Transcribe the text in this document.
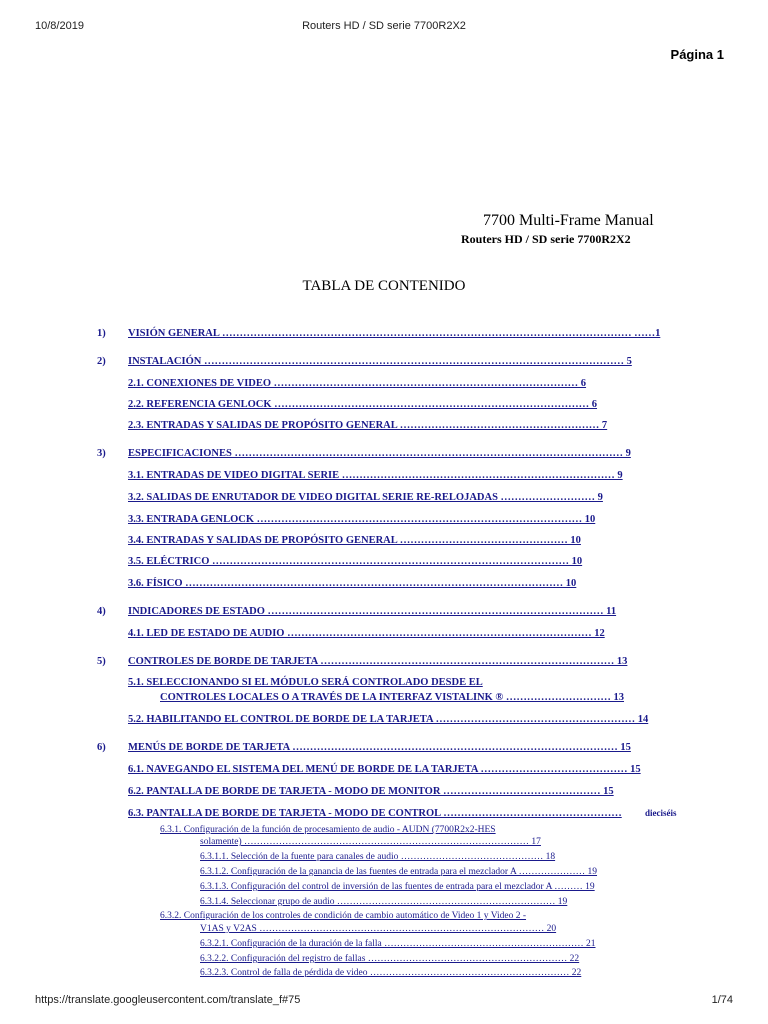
10/8/2019	Routers HD / SD serie 7700R2X2
Página 1
7700 Multi-Frame Manual
Routers HD / SD serie 7700R2X2
TABLA DE CONTENIDO
1) VISIÓN GENERAL ……………………………………………………………………………………………………… ……1
2) INSTALACIÓN ………………………………………………………………………………………………………… 5
2.1. CONEXIONES DE VIDEO …………………………………………………………………………… 6
2.2. REFERENCIA GENLOCK ……………………………………………………………………………… 6
2.3. ENTRADAS Y SALIDAS DE PROPÓSITO GENERAL ………………………………………………… 7
3) ESPECIFICACIONES ………………………………………………………………………………………………… 9
3.1. ENTRADAS DE VIDEO DIGITAL SERIE …………………………………………………………………… 9
3.2. SALIDAS DE ENRUTADOR DE VIDEO DIGITAL SERIE RE-RELOJADAS ……………………… 9
3.3. ENTRADA GENLOCK ………………………………………………………………………………… 10
3.4. ENTRADAS Y SALIDAS DE PROPÓSITO GENERAL ………………………………………… 10
3.5. ELÉCTRICO ………………………………………………………………………………………… 10
3.6. FÍSICO ……………………………………………………………………………………………… 10
4) INDICADORES DE ESTADO …………………………………………………………………………………… 11
4.1. LED DE ESTADO DE AUDIO …………………………………………………………………………… 12
5) CONTROLES DE BORDE DE TARJETA ………………………………………………………………………… 13
5.1. SELECCIONANDO SI EL MÓDULO SERÁ CONTROLADO DESDE EL
CONTROLES LOCALES O A TRAVÉS DE LA INTERFAZ VISTALINK ® ………………………… 13
5.2. HABILITANDO EL CONTROL DE BORDE DE LA TARJETA ………………………………………………… 14
6) MENÚS DE BORDE DE TARJETA ………………………………………………………………………………… 15
6.1. NAVEGANDO EL SISTEMA DEL MENÚ DE BORDE DE LA TARJETA …………………………………… 15
6.2. PANTALLA DE BORDE DE TARJETA - MODO DE MONITOR ……………………………………… 15
6.3. PANTALLA DE BORDE DE TARJETA - MODO DE CONTROL ……………………………………………	dieciséis
6.3.1. Configuración de la función de procesamiento de audio - AUDN (7700R2x2-HES
solamente) ……………………………………………………………………………… 17
6.3.1.1. Selección de la fuente para canales de audio ……………………………………… 18
6.3.1.2. Configuración de la ganancia de las fuentes de entrada para el mezclador A ………………… 19
6.3.1.3. Configuración del control de inversión de las fuentes de entrada para el mezclador A ……… 19
6.3.1.4. Seleccionar grupo de audio …………………………………………………………… 19
6.3.2. Configuración de los controles de condición de cambio automático de Video 1 y Video 2 -
V1AS y V2AS ……………………………………………………………………………… 20
6.3.2.1. Configuración de la duración de la falla ……………………………………………………… 21
6.3.2.2. Configuración del registro de fallas ……………………………………………………… 22
6.3.2.3. Control de falla de pérdida de video ……………………………………………………… 22
https://translate.googleusercontent.com/translate_f#75	1/74
